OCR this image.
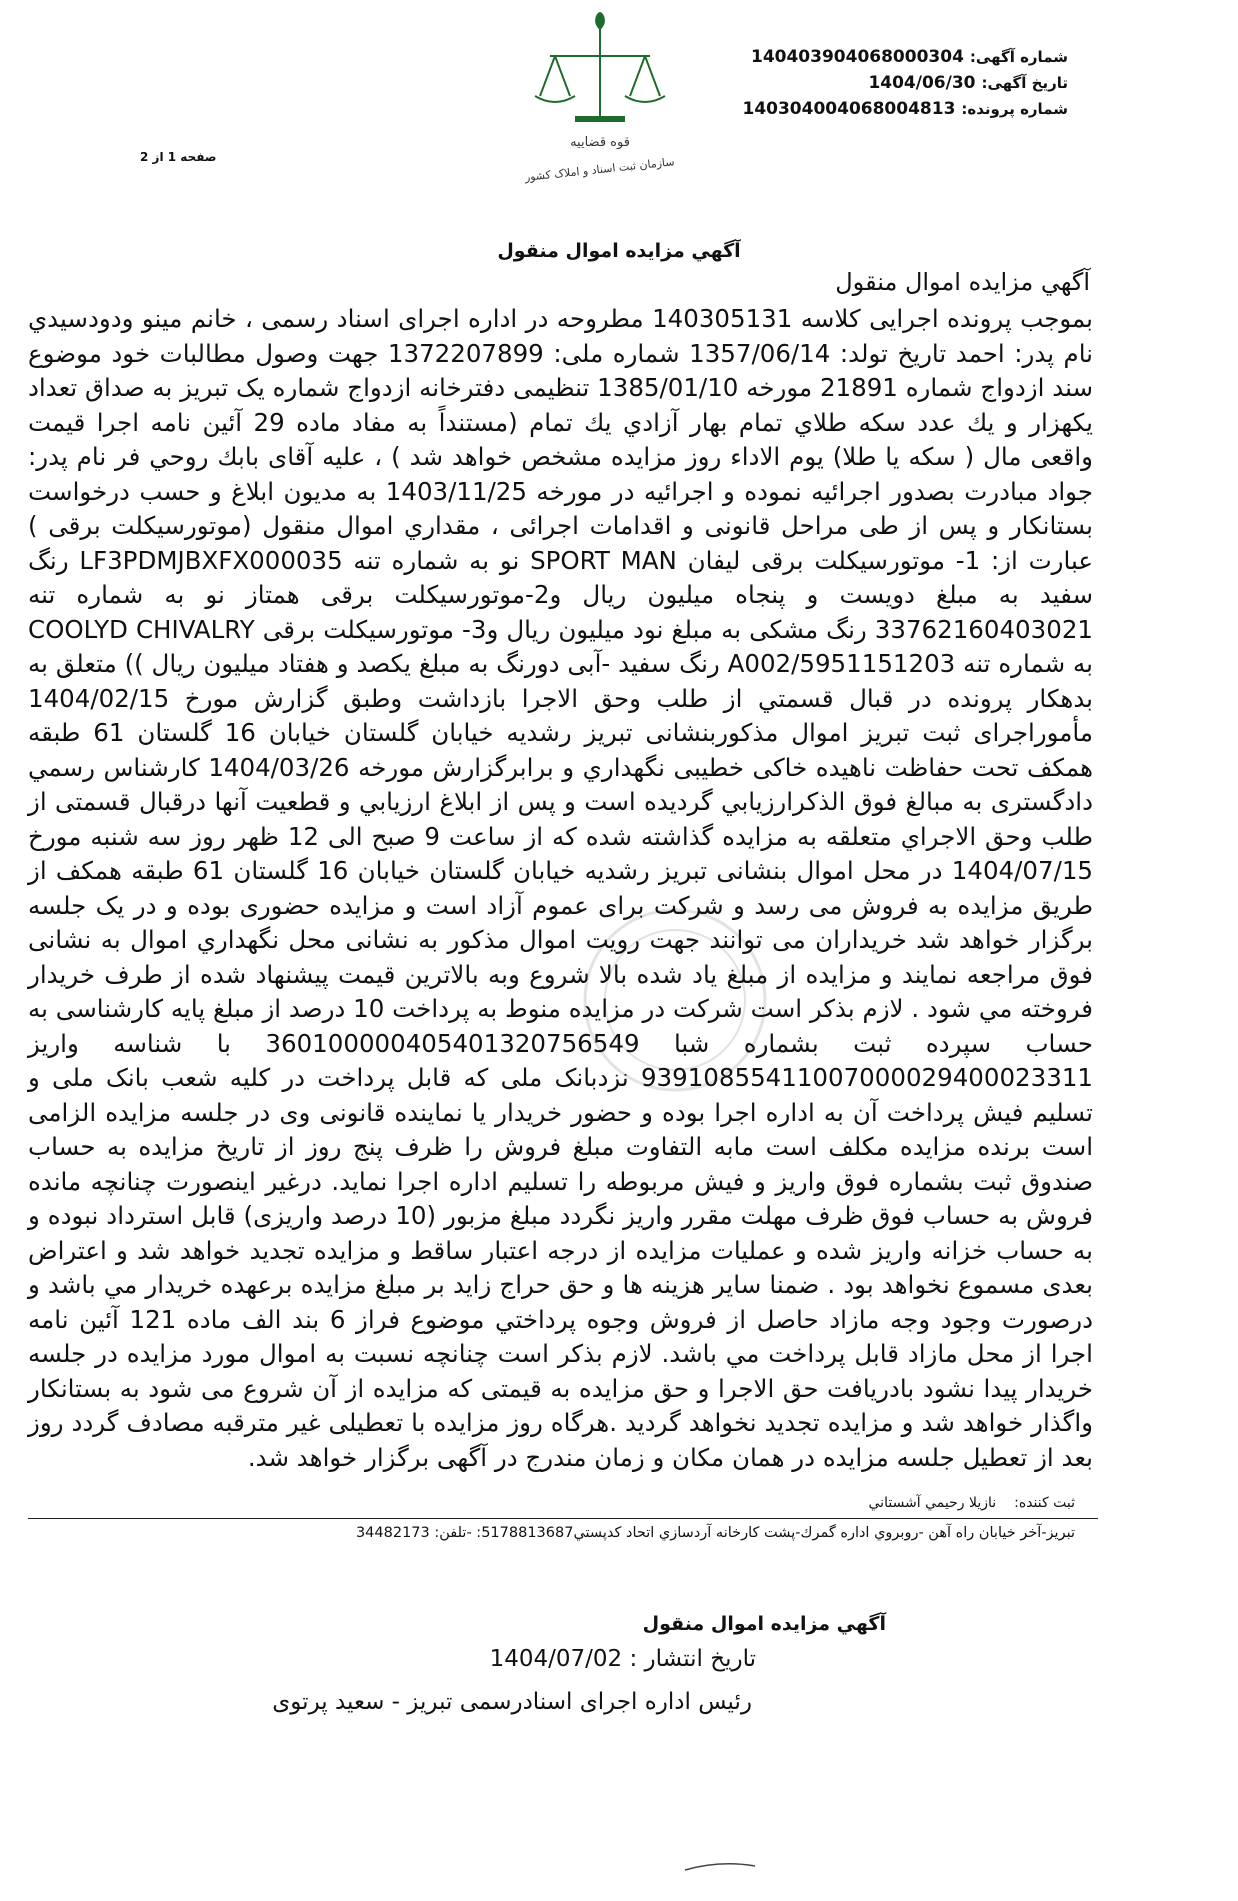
شماره آگهی:
140403904068000304
تاریخ آگهی:
1404/06/30
شماره پرونده:
140304004068004813
قوه قضاییه
سازمان ثبت اسناد و املاک کشور
صفحه 1 از 2
آگهي مزايده اموال منقول
آگهي مزايده اموال منقول
بموجب پرونده اجرایی کلاسه 140305131 مطروحه در اداره اجرای اسناد رسمی ، خانم مینو ودودسیدي نام پدر: احمد تاریخ تولد: 1357/06/14 شماره ملی: 1372207899 جهت وصول مطالبات خود موضوع سند ازدواج شماره 21891 مورخه 1385/01/10 تنظیمی دفترخانه ازدواج شماره یک تبریز به صداق تعداد یکهزار و يك عدد سكه طلاي تمام بهار آزادي يك تمام (مستنداً به مفاد ماده 29 آئین نامه اجرا قیمت واقعی مال ( سکه یا طلا) یوم الاداء روز مزایده مشخص خواهد شد ) ، علیه آقای بابك روحي فر نام پدر: جواد مبادرت بصدور اجرائیه نموده و اجرائیه در مورخه 1403/11/25 به مدیون ابلاغ و حسب درخواست بستانکار و پس از طی مراحل قانونی و اقدامات اجرائی ، مقداري اموال منقول (موتورسیکلت برقی ) عبارت از: 1- موتورسیکلت برقی لیفان SPORT MAN نو به شماره تنه LF3PDMJBXFX000035 رنگ سفید به مبلغ دویست و پنجاه میلیون ریال و2-موتورسیکلت برقی همتاز نو به شماره تنه 33762160403021 رنگ مشکی به مبلغ نود میلیون ریال و3- موتورسیکلت برقی COOLYD CHIVALRY به شماره تنه A002/5951151203 رنگ سفید -آبی دورنگ به مبلغ یکصد و هفتاد میلیون ریال )) متعلق به بدهکار پرونده در قبال قسمتي از طلب وحق الاجرا بازداشت وطبق گزارش مورخ 1404/02/15 مأموراجرای ثبت تبریز اموال مذکوربنشانی تبریز رشدیه خیابان گلستان خیابان 16 گلستان 61 طبقه همکف تحت حفاظت ناهيده خاکی خطیبی نگهداري و برابرگزارش مورخه 1404/03/26 کارشناس رسمي دادگستری به مبالغ فوق الذکرارزيابي گرديده است و پس از ابلاغ ارزيابي و قطعيت آنها درقبال قسمتی از طلب وحق الاجراي متعلقه به مزايده گذاشته شده که از ساعت 9 صبح الی 12 ظهر روز سه شنبه مورخ 1404/07/15 در محل اموال بنشانی تبریز رشدیه خیابان گلستان خیابان 16 گلستان 61 طبقه همکف از طريق مزايده به فروش می رسد و شركت برای عموم آزاد است و مزايده حضوری بوده و در يک جلسه برگزار خواهد شد خريداران می توانند جهت رويت اموال مذکور به نشانی محل نگهداري اموال به نشانی فوق مراجعه نمایند و مزايده از مبلغ ياد شده بالا شروع وبه بالاترين قيمت پيشنهاد شده از طرف خريدار فروخته مي شود . لازم بذكر است شركت در مزايده منوط به پرداخت 10 درصد از مبلغ پايه كارشناسی به حساب سپرده ثبت بشماره شبا 360100000405401320756549 با شناسه واريز 93910855411007000029400023311 نزدبانک ملی که قابل پرداخت در کلیه شعب بانک ملی و تسليم فيش پرداخت آن به اداره اجرا بوده و حضور خريدار يا نماينده قانونی وی در جلسه مزايده الزامی است برنده مزايده مكلف است مابه التفاوت مبلغ فروش را ظرف پنج روز از تاريخ مزايده به حساب صندوق ثبت بشماره فوق واريز و فيش مربوطه را تسليم اداره اجرا نمايد. درغير اينصورت چنانچه مانده فروش به حساب فوق ظرف مهلت مقرر واريز نگردد مبلغ مزبور (10 درصد واريزی) قابل استرداد نبوده و به حساب خزانه واريز شده و عمليات مزايده از درجه اعتبار ساقط و مزايده تجديد خواهد شد و اعتراض بعدی مسموع نخواهد بود . ضمنا ساير هزينه ها و حق حراج زايد بر مبلغ مزايده برعهده خريدار مي باشد و درصورت وجود وجه مازاد حاصل از فروش وجوه پرداختي موضوع فراز 6 بند الف ماده 121 آئين نامه اجرا از محل مازاد قابل پرداخت مي باشد. لازم بذكر است چنانچه نسبت به اموال مورد مزايده در جلسه خريدار پيدا نشود بادريافت حق الاجرا و حق مزايده به قيمتی كه مزايده از آن شروع می شود به بستانكار واگذار خواهد شد و مزايده تجديد نخواهد گرديد .هرگاه روز مزايده با تعطيلی غير مترقبه مصادف گردد روز بعد از تعطيل جلسه مزايده در همان مكان و زمان مندرج در آگهی برگزار خواهد شد.
ثبت کننده:نازيلا رحيمي آشستاني
تبريز-آخر خيابان راه آهن -روبروي اداره گمرك-پشت كارخانه آردسازي اتحاد كدپستي5178813687: -تلفن: 34482173
آگهي مزايده اموال منقول
تاريخ انتشار : 1404/07/02
رئیس اداره اجرای اسنادرسمی تبریز - سعید پرتوی
